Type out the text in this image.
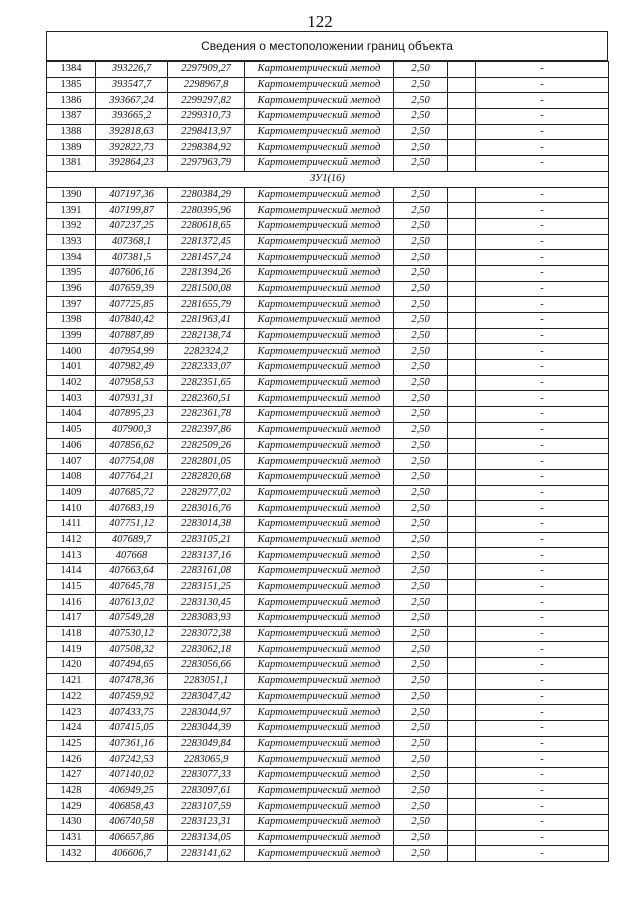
122
Сведения о местоположении границ объекта
1384	393226,7	2297909,27	Картометрический метод	2,50		-
1385	393547,7	2298967,8	Картометрический метод	2,50		-
1386	393667,24	2299297,82	Картометрический метод	2,50		-
1387	393665,2	2299310,73	Картометрический метод	2,50		-
1388	392818,63	2298413,97	Картометрический метод	2,50		-
1389	392822,73	2298384,92	Картометрический метод	2,50		-
1381	392864,23	2297963,79	Картометрический метод	2,50		-
ЗУ1(16)						
1390	407197,36	2280384,29	Картометрический метод	2,50		-
1391	407199,87	2280395,96	Картометрический метод	2,50		-
1392	407237,25	2280618,65	Картометрический метод	2,50		-
1393	407368,1	2281372,45	Картометрический метод	2,50		-
1394	407381,5	2281457,24	Картометрический метод	2,50		-
1395	407606,16	2281394,26	Картометрический метод	2,50		-
1396	407659,39	2281500,08	Картометрический метод	2,50		-
1397	407725,85	2281655,79	Картометрический метод	2,50		-
1398	407840,42	2281963,41	Картометрический метод	2,50		-
1399	407887,89	2282138,74	Картометрический метод	2,50		-
1400	407954,99	2282324,2	Картометрический метод	2,50		-
1401	407982,49	2282333,07	Картометрический метод	2,50		-
1402	407958,53	2282351,65	Картометрический метод	2,50		-
1403	407931,31	2282360,51	Картометрический метод	2,50		-
1404	407895,23	2282361,78	Картометрический метод	2,50		-
1405	407900,3	2282397,86	Картометрический метод	2,50		-
1406	407856,62	2282509,26	Картометрический метод	2,50		-
1407	407754,08	2282801,05	Картометрический метод	2,50		-
1408	407764,21	2282820,68	Картометрический метод	2,50		-
1409	407685,72	2282977,02	Картометрический метод	2,50		-
1410	407683,19	2283016,76	Картометрический метод	2,50		-
1411	407751,12	2283014,38	Картометрический метод	2,50		-
1412	407689,7	2283105,21	Картометрический метод	2,50		-
1413	407668	2283137,16	Картометрический метод	2,50		-
1414	407663,64	2283161,08	Картометрический метод	2,50		-
1415	407645,78	2283151,25	Картометрический метод	2,50		-
1416	407613,02	2283130,45	Картометрический метод	2,50		-
1417	407549,28	2283083,93	Картометрический метод	2,50		-
1418	407530,12	2283072,38	Картометрический метод	2,50		-
1419	407508,32	2283062,18	Картометрический метод	2,50		-
1420	407494,65	2283056,66	Картометрический метод	2,50		-
1421	407478,36	2283051,1	Картометрический метод	2,50		-
1422	407459,92	2283047,42	Картометрический метод	2,50		-
1423	407433,75	2283044,97	Картометрический метод	2,50		-
1424	407415,05	2283044,39	Картометрический метод	2,50		-
1425	407361,16	2283049,84	Картометрический метод	2,50		-
1426	407242,53	2283065,9	Картометрический метод	2,50		-
1427	407140,02	2283077,33	Картометрический метод	2,50		-
1428	406949,25	2283097,61	Картометрический метод	2,50		-
1429	406858,43	2283107,59	Картометрический метод	2,50		-
1430	406740,58	2283123,31	Картометрический метод	2,50		-
1431	406657,86	2283134,05	Картометрический метод	2,50		-
1432	406606,7	2283141,62	Картометрический метод	2,50		-
